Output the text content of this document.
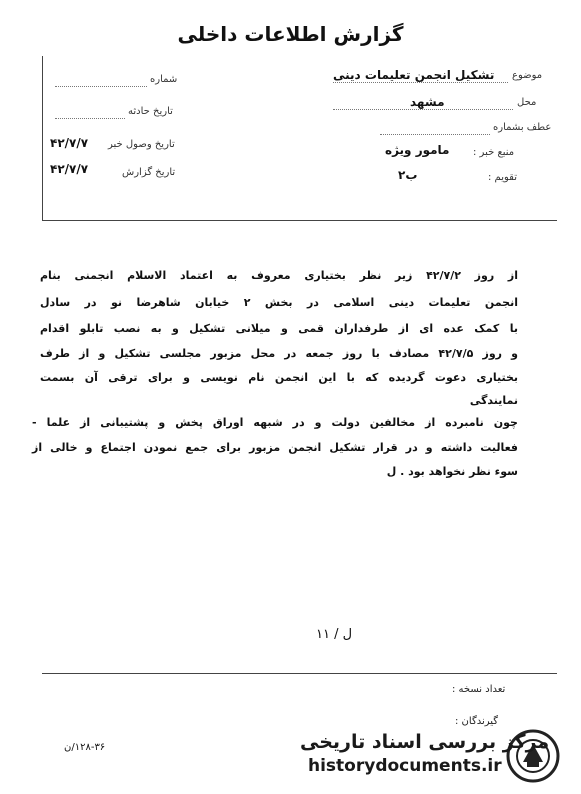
گزارش اطلاعات داخلی
شماره
تاریخ حادثه
تاریخ وصول خبر
۴۲/۷/۷
تاریخ گزارش
۴۲/۷/۷
موضوع
تشکیل انجمن تعلیمات دینی
محل
مشهد
عطف بشماره
منبع خبر :
مامور ویژه
تقویم :
ب۲
از روز ۴۲/۷/۲ زیر نظر بختیاری معروف به اعتماد الاسلام انجمنی بنام
انجمن تعلیمات دینی اسلامی در بخش ۲ خیابان شاهرضا نو در سادل
با کمک عده ای از طرفداران قمی و میلانی تشکیل و به نصب تابلو اقدام
و روز ۴۲/۷/۵ مصادف با روز جمعه در محل مزبور مجلسی تشکیل و از طرف
بختیاری دعوت گردیده که با این انجمن نام نویسی و برای ترقی آن بسمت
نمایندگی
چون نامبرده از مخالفین دولت و در شبهه اوراق پخش و پشتیبانی از علما -
فعالیت داشته و در قرار تشکیل انجمن مزبور برای جمع نمودن اجتماع و خالی از
سوء نظر نخواهد بود . ل
ل / ۱۱
تعداد نسخه :
گیرندگان :
۱۲۸-۳۶/ن	مرکز بررسی اسناد تاریخی
historydocuments.ir
